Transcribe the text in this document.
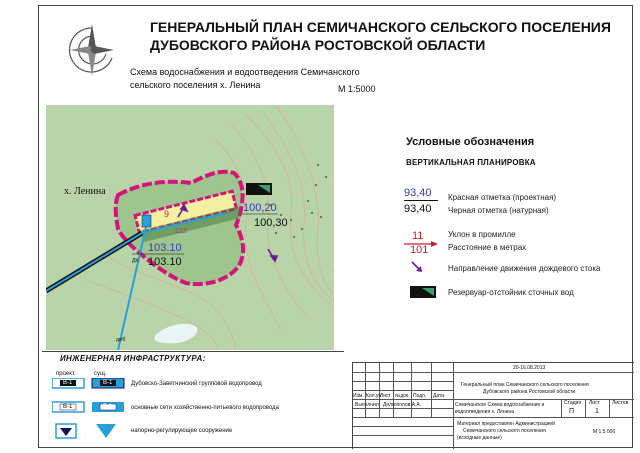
ГЕНЕРАЛЬНЫЙ ПЛАН СЕМИЧАНСКОГО СЕЛЬСКОГО ПОСЕЛЕНИЯ
ДУБОВСКОГО РАЙОНА РОСТОВСКОЙ ОБЛАСТИ
Схема водоснабжения и водоотведения Семичанского
сельского поселения х. Ленина	М 1:5000
х. Ленина
9
122
100,20
100,30
103.10
103.10
ДК
дк/б
Условные обозначения
ВЕРТИКАЛЬНАЯ ПЛАНИРОВКА
93,40
93,40
Красная отметка (проектная)
Черная отметка (натурная)
11
101
Уклон в промилле
Расстояние в метрах
Направление движения дождевого стока
Резервуар-отстойник сточных вод
ИНЖЕНЕРНАЯ ИНФРАСТРУКТУРА:
проект.	сущ.
В-1	В-1
В-1	В-1
Дубовско-Заветнинский групповой водопровод
основные сети хозяйственно-питьевого водопровода
напорно-регулирующее сооружение
Изм. Кол.уч Лист №док. Подп. Дата
Выполнил Долгополов А.А.
20-16.08.2013
Генеральный план Семичанского сельского поселения
Дубовского района Ростовской области
Семичанское Схема водоснабжения и
водоотведения х. Ленина
Стадия Лист Листов
П	1
Материал предоставлен Администрацией
Семичанского сельского поселения
(исходные данные)
М 1:5 000
